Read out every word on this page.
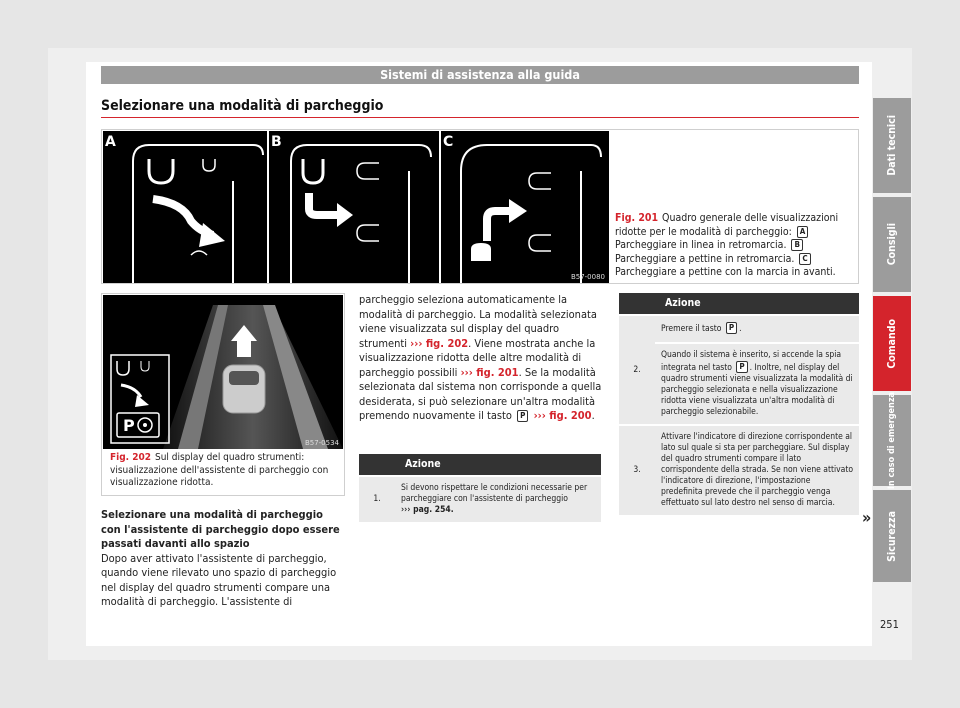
Sistemi di assistenza alla guida
Selezionare una modalità di parcheggio
A	B	C
B57-0080
Fig. 201 Quadro generale delle visualizzazioni ridotte per le modalità di parcheggio: AParcheggiare in linea in retromarcia. BParcheggiare a pettine in retromarcia. CParcheggiare a pettine con la marcia in avanti.
P
B57-0534
Fig. 202 Sul display del quadro strumenti: visualizzazione dell'assistente di parcheggio con visualizzazione ridotta.
Selezionare una modalità di parcheggio con l'assistente di parcheggio dopo essere passati davanti allo spazio
Dopo aver attivato l'assistente di parcheggio, quando viene rilevato uno spazio di parcheggio nel display del quadro strumenti compare una modalità di parcheggio. L'assistente di
parcheggio seleziona automaticamente la modalità di parcheggio. La modalità selezionata viene visualizzata sul display del quadro strumenti ››› fig. 202. Viene mostrata anche la visualizzazione ridotta delle altre modalità di parcheggio possibili ››› fig. 201. Se la modalità selezionata dal sistema non corrisponde a quella desiderata, si può selezionare un'altra modalità premendo nuovamente il tasto P ››› fig. 200.
	Azione
1.	Si devono rispettare le condizioni necessarie per parcheggiare con l'assistente di parcheggio
››› pag. 254.
	Azione
2.	Premere il tasto P .
	Quando il sistema è inserito, si accende la spia integrata nel tasto P . Inoltre, nel display del quadro strumenti viene visualizzata la modalità di parcheggio selezionata e nella visualizzazione ridotta viene visualizzata un'altra modalità di parcheggio selezionabile.
3.	Attivare l'indicatore di direzione corrispondente al lato sul quale si sta per parcheggiare. Sul display del quadro strumenti compare il lato corrispondente della strada. Se non viene attivato l'indicatore di direzione, l'impostazione predefinita prevede che il parcheggio venga effettuato sul lato destro nel senso di marcia.
»
Dati tecnici
Consigli
Comando
In caso di emergenza
Sicurezza
251
